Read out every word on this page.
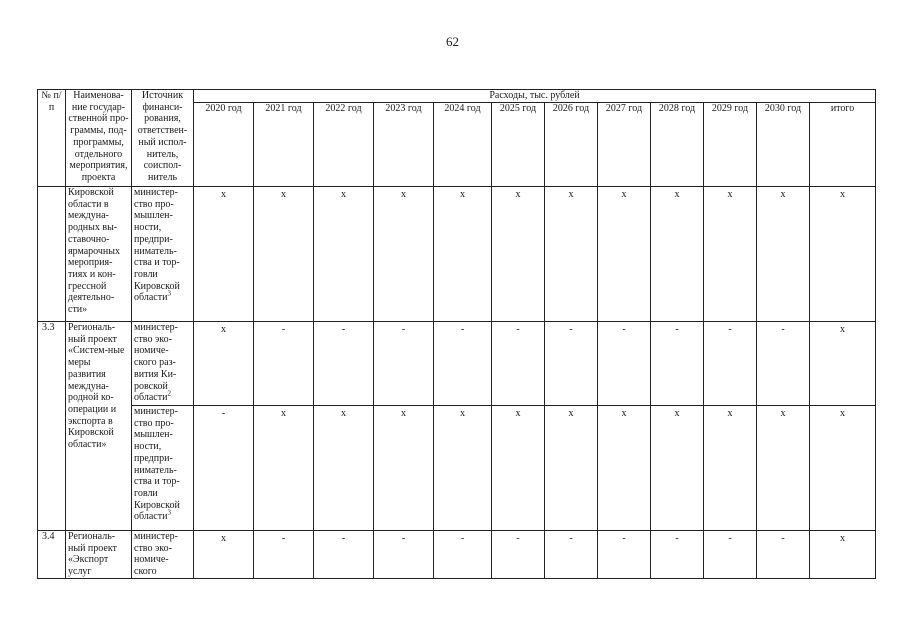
62
№ п/п	Наименова-ние государ-ственной про-граммы, под-программы, отдельного мероприятия, проекта	Источник финанси-рования, ответствен-ный испол-нитель, соиспол-нитель	Расходы, тыс. рублей											
			2020 год	2021 год	2022 год	2023 год	2024 год	2025 год	2026 год	2027 год	2028 год	2029 год	2030 год	итого
	Кировской области в междуна-родных вы-ставочно-ярмарочных мероприя-тиях и кон-грессной деятельно-сти»	министер-ство про-мышлен-ности, предпри-ниматель-ства и тор-говли Кировской области$^3$	x	x	x	x	x	x	x	x	x	x	x	x
3.3	Региональ-ный проект «Систем-ные меры развития междуна-родной ко-операции и экспорта в Кировской области»	министер-ство эко-номиче-ского раз-вития Ки-ровской области$^2$	x	-	-	-	-	-	-	-	-	-	-	x
		министер-ство про-мышлен-ности, предпри-ниматель-ства и тор-говли Кировской области$^3$	-	x	x	x	x	x	x	x	x	x	x	x
3.4	Региональ-ный проект «Экспорт услуг	министер-ство эко-номиче-ского	x	-	-	-	-	-	-	-	-	-	-	x
